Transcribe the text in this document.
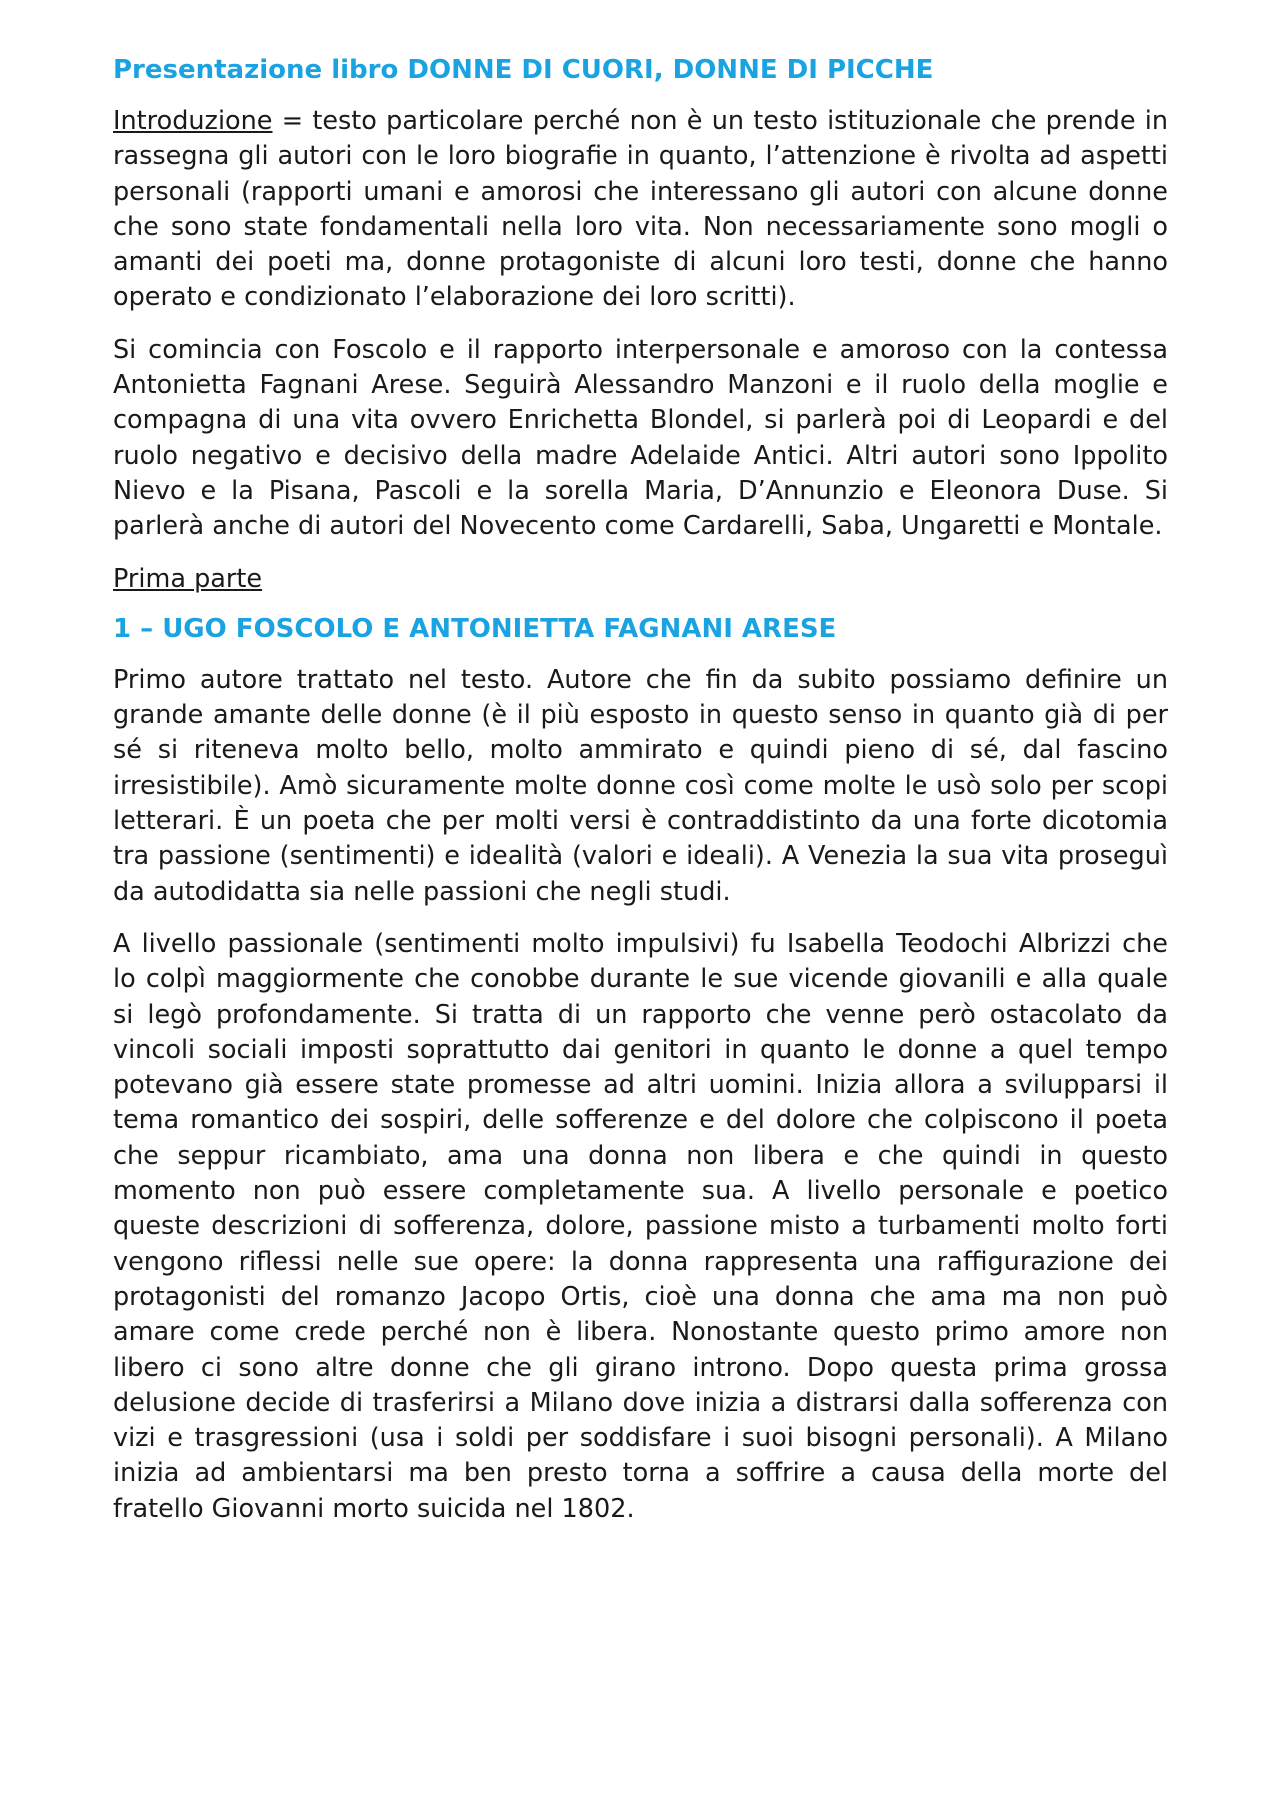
Presentazione libro DONNE DI CUORI, DONNE DI PICCHE

Introduzione = testo particolare perché non è un testo istituzionale che prende in rassegna gli autori con le loro biografie in quanto, l’attenzione è rivolta ad aspetti personali (rapporti umani e amorosi che interessano gli autori con alcune donne che sono state fondamentali nella loro vita. Non necessariamente sono mogli o amanti dei poeti ma, donne protagoniste di alcuni loro testi, donne che hanno operato e condizionato l’elaborazione dei loro scritti).

Si comincia con Foscolo e il rapporto interpersonale e amoroso con la contessa Antonietta Fagnani Arese. Seguirà Alessandro Manzoni e il ruolo della moglie e compagna di una vita ovvero Enrichetta Blondel, si parlerà poi di Leopardi e del ruolo negativo e decisivo della madre Adelaide Antici. Altri autori sono Ippolito Nievo e la Pisana, Pascoli e la sorella Maria, D’Annunzio e Eleonora Duse. Si parlerà anche di autori del Novecento come Cardarelli, Saba, Ungaretti e Montale.

Prima parte
1 – UGO FOSCOLO E ANTONIETTA FAGNANI ARESE

Primo autore trattato nel testo. Autore che fin da subito possiamo definire un grande amante delle donne (è il più esposto in questo senso in quanto già di per sé si riteneva molto bello, molto ammirato e quindi pieno di sé, dal fascino irresistibile). Amò sicuramente molte donne così come molte le usò solo per scopi letterari. È un poeta che per molti versi è contraddistinto da una forte dicotomia tra passione (sentimenti) e idealità (valori e ideali). A Venezia la sua vita proseguì da autodidatta sia nelle passioni che negli studi.

A livello passionale (sentimenti molto impulsivi) fu Isabella Teodochi Albrizzi che lo colpì maggiormente che conobbe durante le sue vicende giovanili e alla quale si legò profondamente. Si tratta di un rapporto che venne però ostacolato da vincoli sociali imposti soprattutto dai genitori in quanto le donne a quel tempo potevano già essere state promesse ad altri uomini. Inizia allora a svilupparsi il tema romantico dei sospiri, delle sofferenze e del dolore che colpiscono il poeta che seppur ricambiato, ama una donna non libera e che quindi in questo momento non può essere completamente sua. A livello personale e poetico queste descrizioni di sofferenza, dolore, passione misto a turbamenti molto forti vengono riflessi nelle sue opere: la donna rappresenta una raffigurazione dei protagonisti del romanzo Jacopo Ortis, cioè una donna che ama ma non può amare come crede perché non è libera. Nonostante questo primo amore non libero ci sono altre donne che gli girano introno. Dopo questa prima grossa delusione decide di trasferirsi a Milano dove inizia a distrarsi dalla sofferenza con vizi e trasgressioni (usa i soldi per soddisfare i suoi bisogni personali). A Milano inizia ad ambientarsi ma ben presto torna a soffrire a causa della morte del fratello Giovanni morto suicida nel 1802.
